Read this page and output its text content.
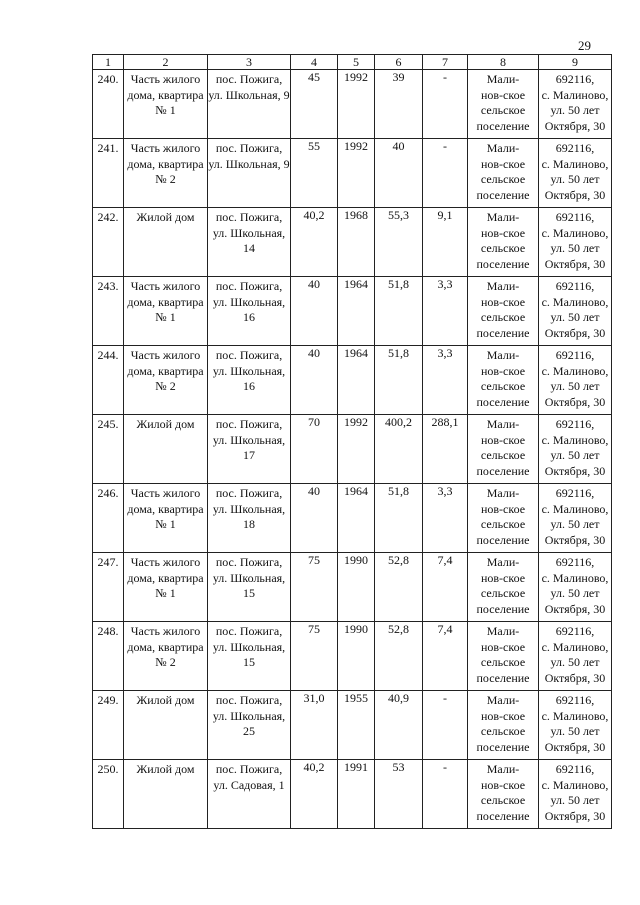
29
1	2	3	4	5	6	7	8	9
240.	Часть жилого
дома, квартира
№ 1	пос. Пожига,
ул. Школьная, 9	45	1992	39	-	Мали-
нов-ское
сельское
поселение	692116,
с. Малиново,
ул. 50 лет
Октября, 30
241.	Часть жилого
дома, квартира
№ 2	пос. Пожига,
ул. Школьная, 9	55	1992	40	-	Мали-
нов-ское
сельское
поселение	692116,
с. Малиново,
ул. 50 лет
Октября, 30
242.	Жилой дом	пос. Пожига,
ул. Школьная,
14	40,2	1968	55,3	9,1	Мали-
нов-ское
сельское
поселение	692116,
с. Малиново,
ул. 50 лет
Октября, 30
243.	Часть жилого
дома, квартира
№ 1	пос. Пожига,
ул. Школьная,
16	40	1964	51,8	3,3	Мали-
нов-ское
сельское
поселение	692116,
с. Малиново,
ул. 50 лет
Октября, 30
244.	Часть жилого
дома, квартира
№ 2	пос. Пожига,
ул. Школьная,
16	40	1964	51,8	3,3	Мали-
нов-ское
сельское
поселение	692116,
с. Малиново,
ул. 50 лет
Октября, 30
245.	Жилой дом	пос. Пожига,
ул. Школьная,
17	70	1992	400,2	288,1	Мали-
нов-ское
сельское
поселение	692116,
с. Малиново,
ул. 50 лет
Октября, 30
246.	Часть жилого
дома, квартира
№ 1	пос. Пожига,
ул. Школьная,
18	40	1964	51,8	3,3	Мали-
нов-ское
сельское
поселение	692116,
с. Малиново,
ул. 50 лет
Октября, 30
247.	Часть жилого
дома, квартира
№ 1	пос. Пожига,
ул. Школьная,
15	75	1990	52,8	7,4	Мали-
нов-ское
сельское
поселение	692116,
с. Малиново,
ул. 50 лет
Октября, 30
248.	Часть жилого
дома, квартира
№ 2	пос. Пожига,
ул. Школьная,
15	75	1990	52,8	7,4	Мали-
нов-ское
сельское
поселение	692116,
с. Малиново,
ул. 50 лет
Октября, 30
249.	Жилой дом	пос. Пожига,
ул. Школьная,
25	31,0	1955	40,9	-	Мали-
нов-ское
сельское
поселение	692116,
с. Малиново,
ул. 50 лет
Октября, 30
250.	Жилой дом	пос. Пожига,
ул. Садовая, 1	40,2	1991	53	-	Мали-
нов-ское
сельское
поселение	692116,
с. Малиново,
ул. 50 лет
Октября, 30
